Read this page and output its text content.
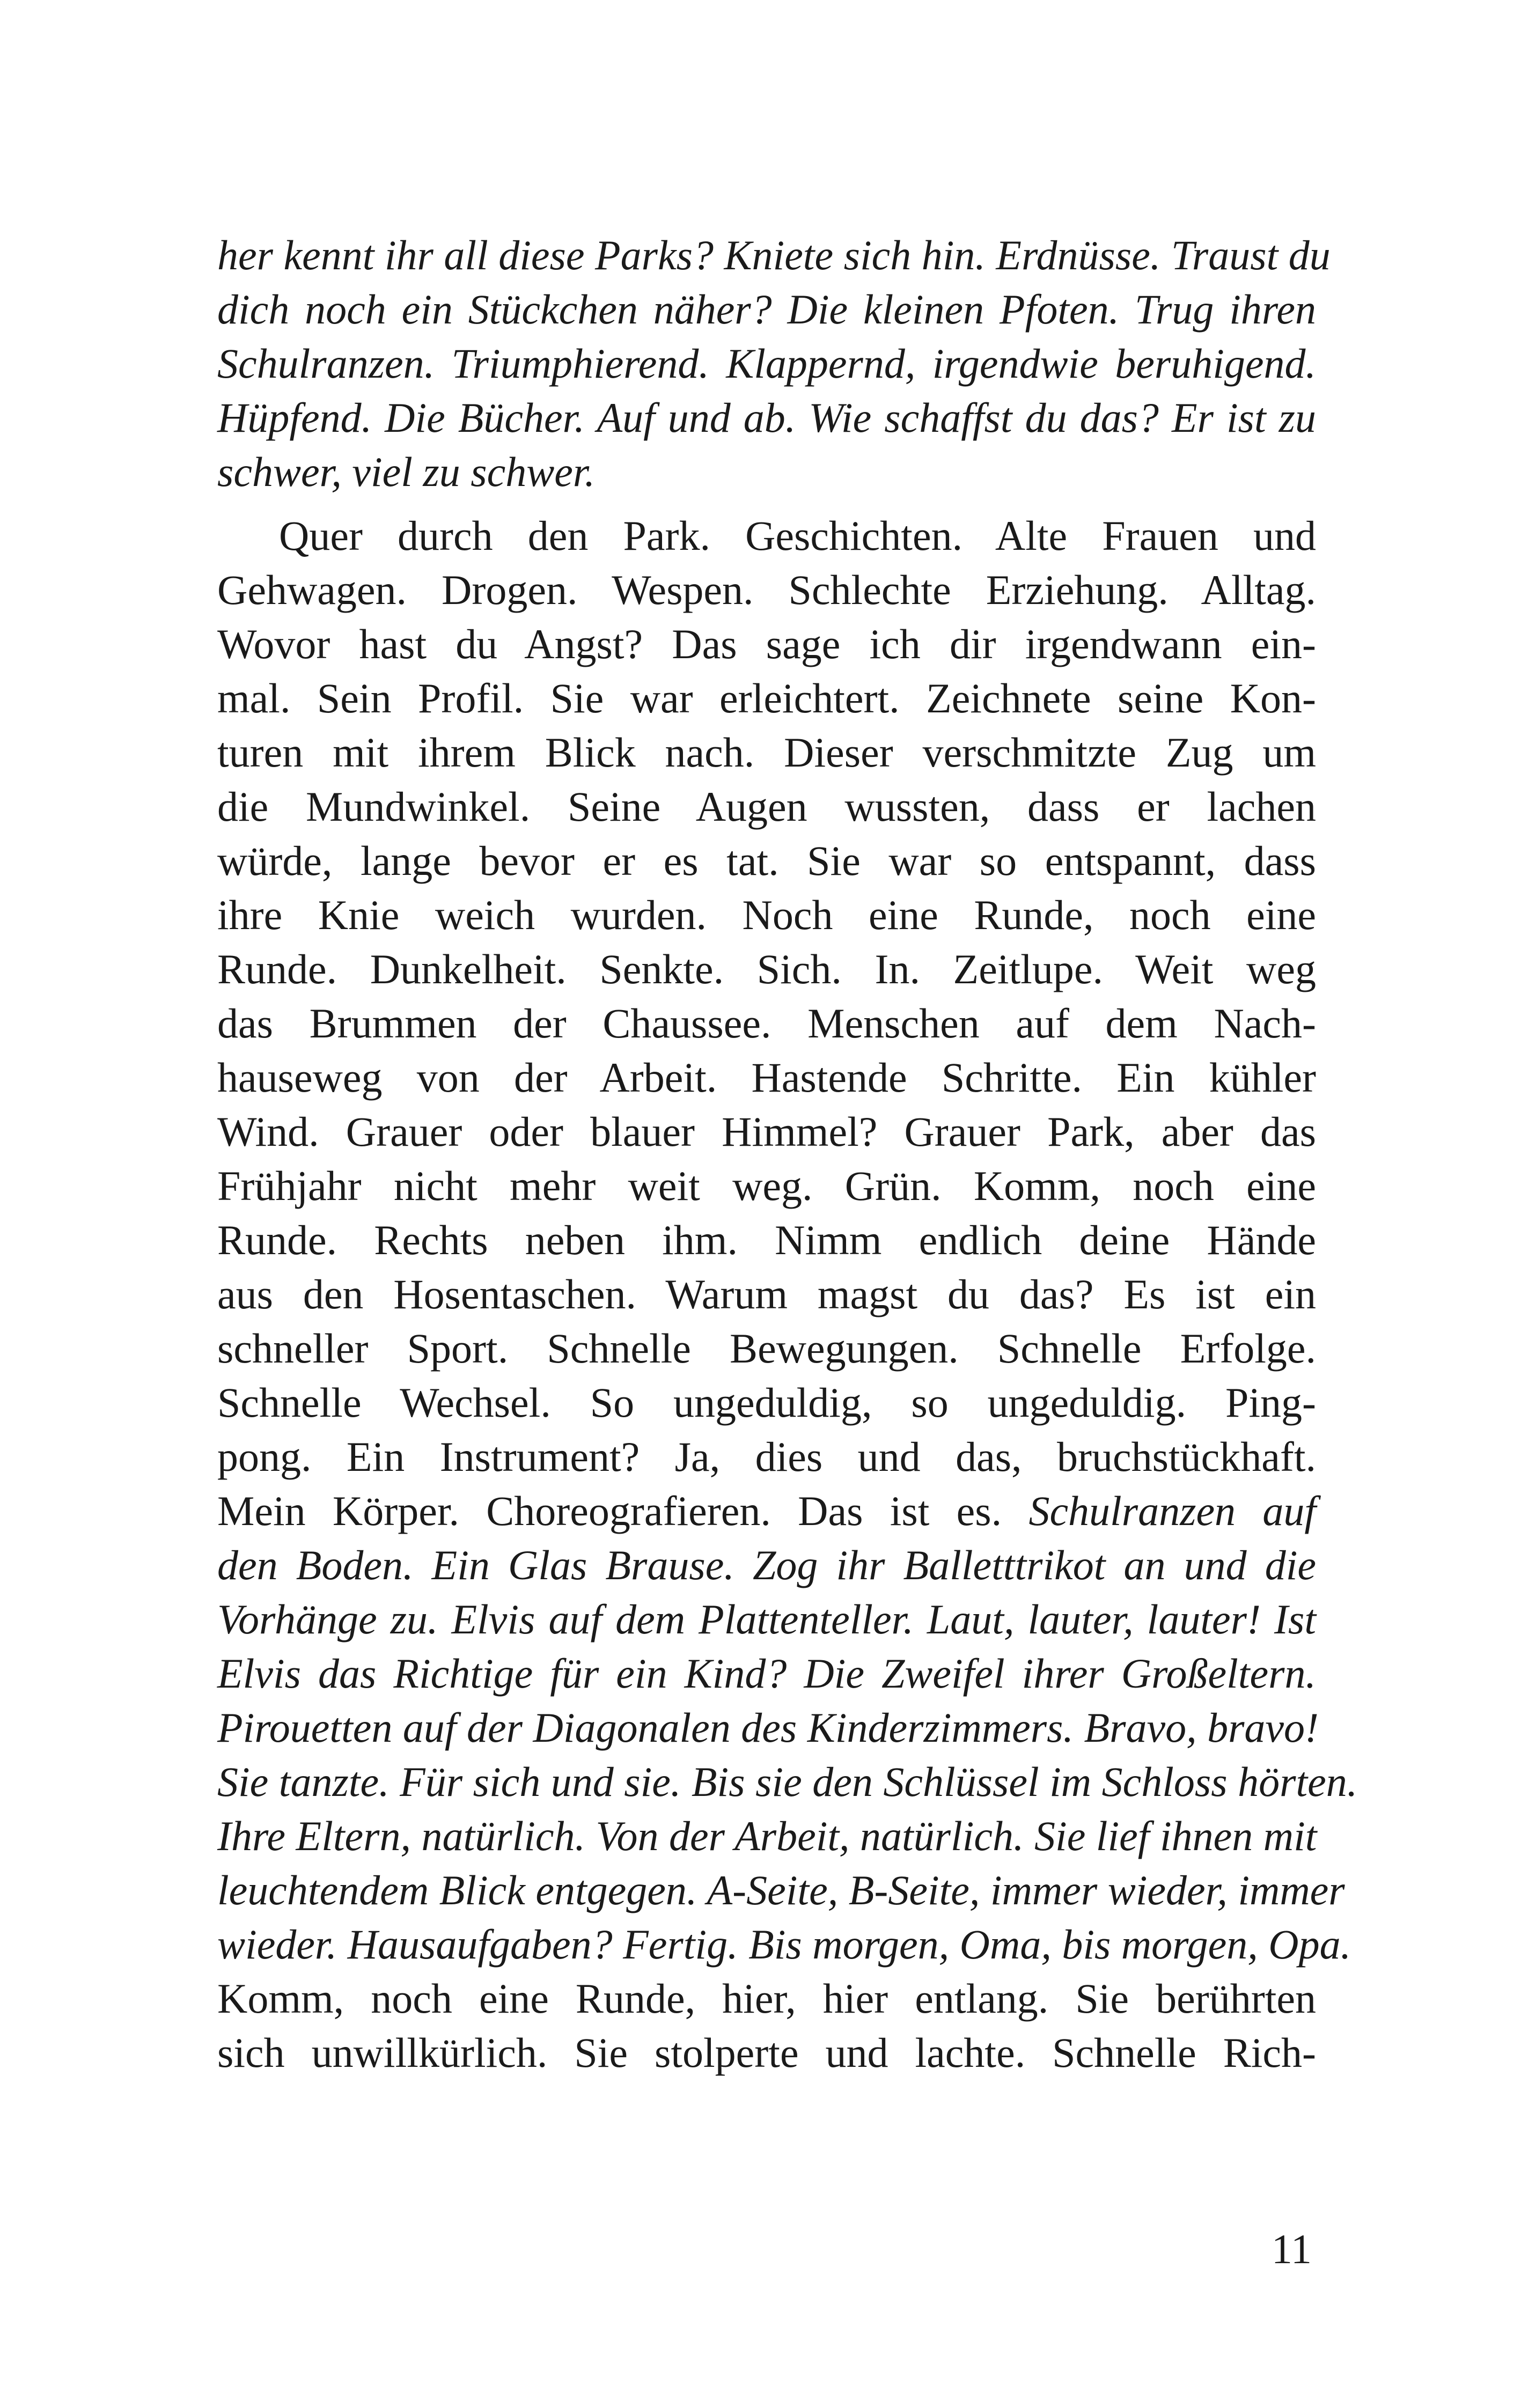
her kennt ihr all diese Parks? Kniete sich hin. Erdnüsse. Traust du
dich noch ein Stückchen näher? Die kleinen Pfoten. Trug ihren
Schulranzen. Triumphierend. Klappernd, irgendwie beruhigend.
Hüpfend. Die Bücher. Auf und ab. Wie schaffst du das? Er ist zu
schwer, viel zu schwer.
Quer durch den Park. Geschichten. Alte Frauen und
Gehwagen. Drogen. Wespen. Schlechte Erziehung. Alltag.
Wovor hast du Angst? Das sage ich dir irgendwann ein-
mal. Sein Profil. Sie war erleichtert. Zeichnete seine Kon-
turen mit ihrem Blick nach. Dieser verschmitzte Zug um
die Mundwinkel. Seine Augen wussten, dass er lachen
würde, lange bevor er es tat. Sie war so entspannt, dass
ihre Knie weich wurden. Noch eine Runde, noch eine
Runde. Dunkelheit. Senkte. Sich. In. Zeitlupe. Weit weg
das Brummen der Chaussee. Menschen auf dem Nach-
hauseweg von der Arbeit. Hastende Schritte. Ein kühler
Wind. Grauer oder blauer Himmel? Grauer Park, aber das
Frühjahr nicht mehr weit weg. Grün. Komm, noch eine
Runde. Rechts neben ihm. Nimm endlich deine Hände
aus den Hosentaschen. Warum magst du das? Es ist ein
schneller Sport. Schnelle Bewegungen. Schnelle Erfolge.
Schnelle Wechsel. So ungeduldig, so ungeduldig. Ping-
pong. Ein Instrument? Ja, dies und das, bruchstückhaft.
Mein Körper. Choreografieren. Das ist es. Schulranzen auf
den Boden. Ein Glas Brause. Zog ihr Balletttrikot an und die
Vorhänge zu. Elvis auf dem Plattenteller. Laut, lauter, lauter! Ist
Elvis das Richtige für ein Kind? Die Zweifel ihrer Großeltern.
Pirouetten auf der Diagonalen des Kinderzimmers. Bravo, bravo!
Sie tanzte. Für sich und sie. Bis sie den Schlüssel im Schloss hörten.
Ihre Eltern, natürlich. Von der Arbeit, natürlich. Sie lief ihnen mit
leuchtendem Blick entgegen. A-Seite, B-Seite, immer wieder, immer
wieder. Hausaufgaben? Fertig. Bis morgen, Oma, bis morgen, Opa.
Komm, noch eine Runde, hier, hier entlang. Sie berührten
sich unwillkürlich. Sie stolperte und lachte. Schnelle Rich-
11
